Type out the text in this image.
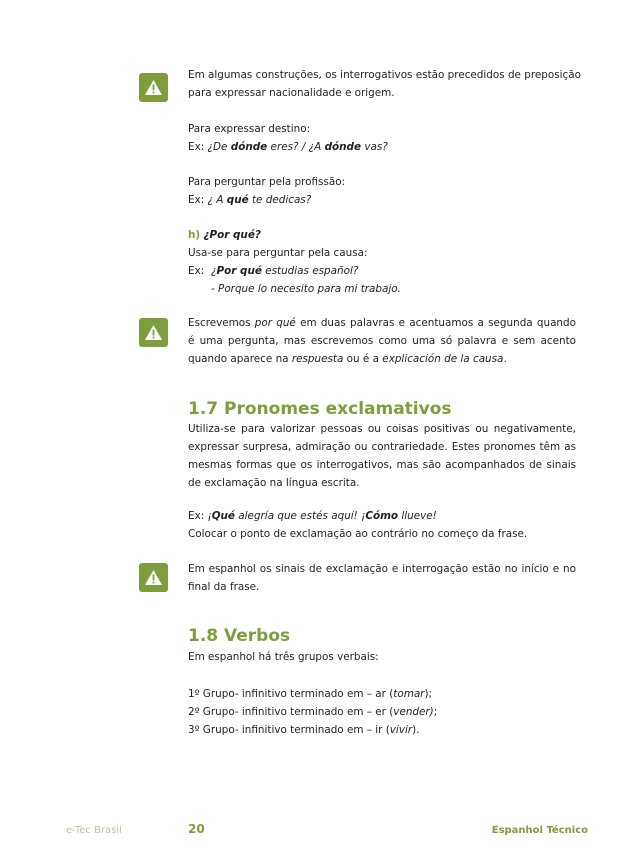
Em algumas construções, os interrogativos estão precedidos de preposição

para expressar nacionalidade e origem.

Para expressar destino:

Ex: ¿De dónde eres? / ¿A dónde vas?

Para perguntar pela profissão:

Ex: ¿ A qué te dedicas?

h) ¿Por qué?

Usa-se para perguntar pela causa:

Ex: ¿Por qué estudias español?

- Porque lo necesito para mi trabajo.

Escrevemos por qué em duas palavras e acentuamos a segunda quando é uma pergunta, mas escrevemos como uma só palavra e sem acento quando aparece na respuesta ou é a explicación de la causa.

1.7 Pronomes exclamativos

Utiliza-se para valorizar pessoas ou coisas positivas ou negativamente, expressar surpresa, admiração ou contrariedade. Estes pronomes têm as mesmas formas que os interrogativos, mas são acompanhados de sinais de exclamação na língua escrita.

Ex: ¡Qué alegría que estés aquí! ¡Cómo llueve!

Colocar o ponto de exclamação ao contrário no começo da frase.

Em espanhol os sinais de exclamação e interrogação estão no início e no final da frase.

1.8 Verbos

Em espanhol há três grupos verbais:

1º Grupo- infinitivo terminado em – ar (tomar);

2º Grupo- infinitivo terminado em – er (vender);

3º Grupo- infinitivo terminado em – ir (vivir).

e-Tec Brasil	20	Espanhol Técnico
